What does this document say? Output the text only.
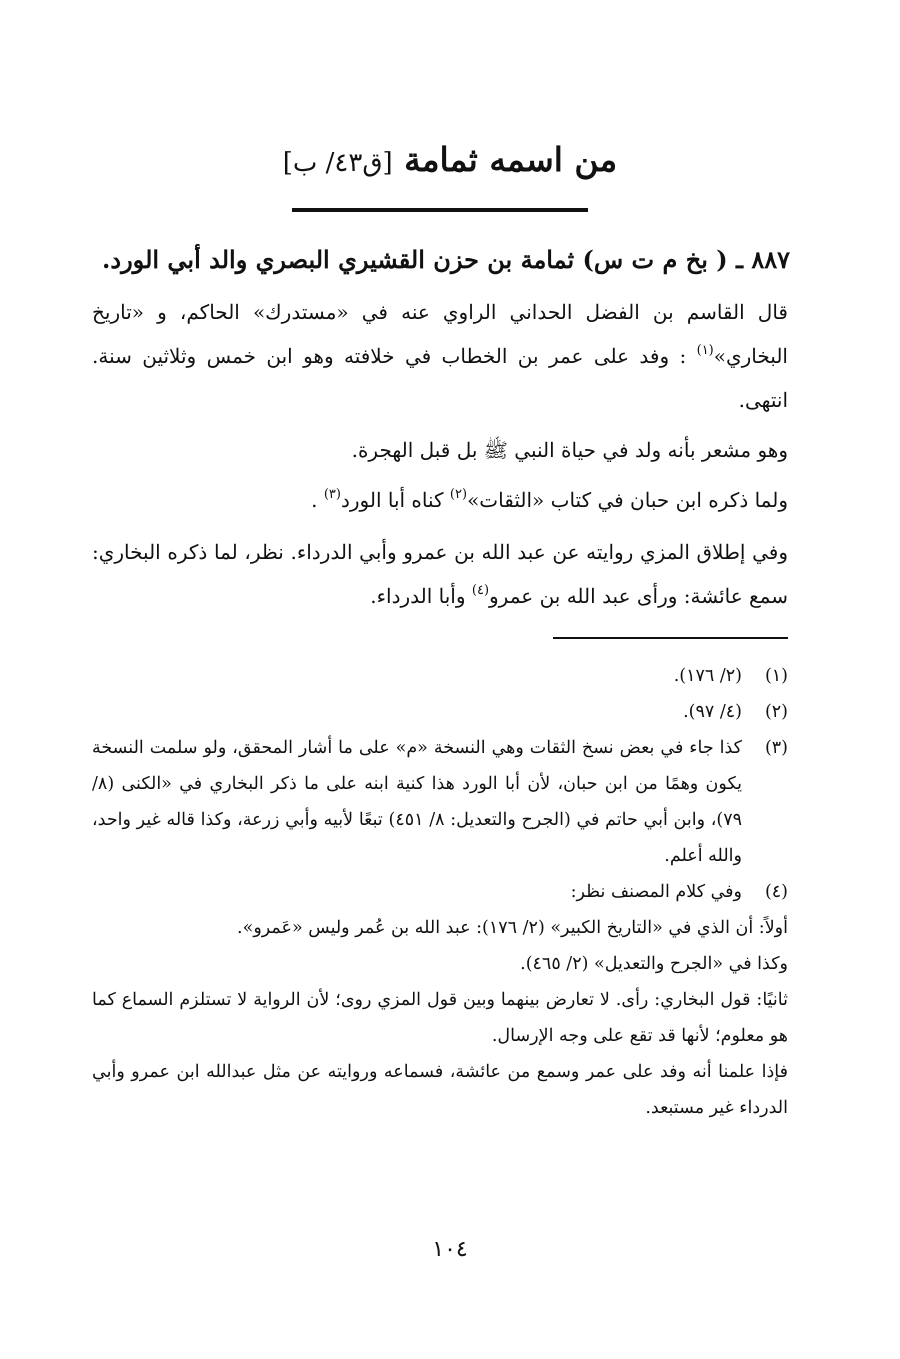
من اسمه ثمامة [ق٤٣/ ب]
٨٨٧ ـ ( بخ م ت س) ثمامة بن حزن القشيري البصري والد أبي الورد.

قال القاسم بن الفضل الحداني الراوي عنه في «مستدرك» الحاكم، و «تاريخ البخاري»$^{(١)}$ : وفد على عمر بن الخطاب في خلافته وهو ابن خمس وثلاثين سنة. انتهى.

وهو مشعر بأنه ولد في حياة النبي ﷺ بل قبل الهجرة.

ولما ذكره ابن حبان في كتاب «الثقات»$^{(٢)}$ كناه أبا الورد$^{(٣)}$ .

وفي إطلاق المزي روايته عن عبد الله بن عمرو وأبي الدرداء. نظر، لما ذكره البخاري: سمع عائشة: ورأى عبد الله بن عمرو$^{(٤)}$ وأبا الدرداء.

(١)
(٢/ ١٧٦).
(٢)
(٤/ ٩٧).
(٣)
كذا جاء في بعض نسخ الثقات وهي النسخة «م» على ما أشار المحقق، ولو سلمت النسخة يكون وهمًا من ابن حبان، لأن أبا الورد هذا كنية ابنه على ما ذكر البخاري في «الكنى (٨/ ٧٩)، وابن أبي حاتم في (الجرح والتعديل: ٨/ ٤٥١) تبعًا لأبيه وأبي زرعة، وكذا قاله غير واحد، والله أعلم.
(٤)

وفي كلام المصنف نظر:

أولاً: أن الذي في «التاريخ الكبير» (٢/ ١٧٦): عبد الله بن عُمر وليس «عَمرو».

وكذا في «الجرح والتعديل» (٢/ ٤٦٥).

ثانيًا: قول البخاري: رأى. لا تعارض بينهما وبين قول المزي روى؛ لأن الرواية لا تستلزم السماع كما هو معلوم؛ لأنها قد تقع على وجه الإرسال.

فإذا علمنا أنه وفد على عمر وسمع من عائشة، فسماعه وروايته عن مثل عبدالله ابن عمرو وأبي الدرداء غير مستبعد.

١٠٤
